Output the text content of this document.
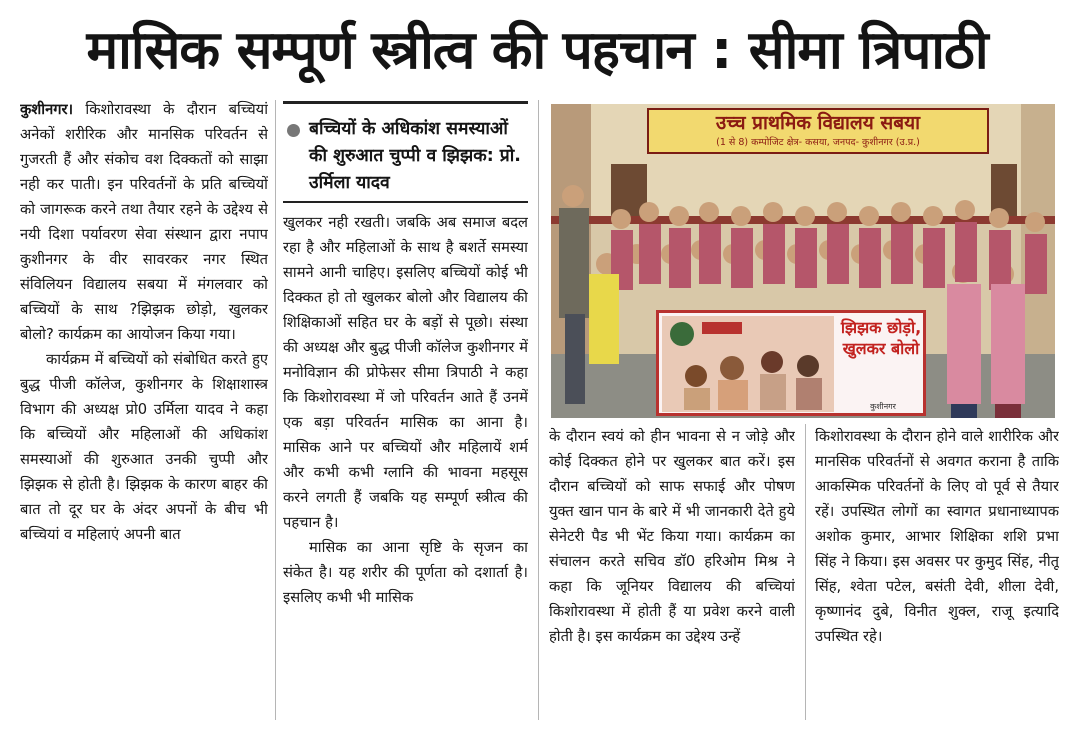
मासिक सम्पूर्ण स्त्रीत्व की पहचान : सीमा त्रिपाठी

कुशीनगर। किशोरावस्था के दौरान बच्चियां अनेकों शरीरिक और मानसिक परिवर्तन से गुजरती हैं और संकोच वश दिक्कतों को साझा नही कर पाती। इन परिवर्तनों के प्रति बच्चियों को जागरूक करने तथा तैयार रहने के उद्देश्य से नयी दिशा पर्यावरण सेवा संस्थान द्वारा नपाप कुशीनगर के वीर सावरकर नगर स्थित संविलियन विद्यालय सबया में मंगलवार को बच्चियों के साथ ?झिझक छोड़ो, खुलकर बोलो? कार्यक्रम का आयोजन किया गया।

कार्यक्रम में बच्चियों को संबोधित करते हुए बुद्ध पीजी कॉलेज, कुशीनगर के शिक्षाशास्त्र विभाग की अध्यक्ष प्रो0 उर्मिला यादव ने कहा कि बच्चियों और महिलाओं की अधिकांश समस्याओं की शुरुआत उनकी चुप्पी और झिझक से होती है। झिझक के कारण बाहर की बात तो दूर घर के अंदर अपनों के बीच भी बच्चियां व महिलाएं अपनी बात

बच्चियों के अधिकांश समस्याओं की शुरुआत चुप्पी व झिझक: प्रो. उर्मिला यादव

खुलकर नही रखती। जबकि अब समाज बदल रहा है और महिलाओं के साथ है बशर्ते समस्या सामने आनी चाहिए। इसलिए बच्चियों कोई भी दिक्कत हो तो खुलकर बोलो और विद्यालय की शिक्षिकाओं सहित घर के बड़ों से पूछो। संस्था की अध्यक्ष और बुद्ध पीजी कॉलेज कुशीनगर में मनोविज्ञान की प्रोफेसर सीमा त्रिपाठी ने कहा कि किशोरावस्था में जो परिवर्तन आते हैं उनमें एक बड़ा परिवर्तन मासिक का आना है। मासिक आने पर बच्चियों और महिलायें शर्म और कभी कभी ग्लानि की भावना महसूस करने लगती हैं जबकि यह सम्पूर्ण स्त्रीत्व की पहचान है।

मासिक का आना सृष्टि के सृजन का संकेत है। यह शरीर की पूर्णता को दशार्ता है। इसलिए कभी भी मासिक

उच्च प्राथमिक विद्यालय सबया
(1 से 8) कम्पोजिट क्षेत्र- कसया, जनपद- कुशीनगर (उ.प्र.)
झिझक छोड़ो, खुलकर बोलो
कुशीनगर

के दौरान स्वयं को हीन भावना से न जोड़े और कोई दिक्कत होने पर खुलकर बात करें। इस दौरान बच्चियों को साफ सफाई और पोषण युक्त खान पान के बारे में भी जानकारी देते हुये सेनेटरी पैड भी भेंट किया गया। कार्यक्रम का संचालन करते सचिव डॉ0 हरिओम मिश्र ने कहा कि जूनियर विद्यालय की बच्चियां किशोरावस्था में होती हैं या प्रवेश करने वाली होती है। इस कार्यक्रम का उद्देश्य उन्हें

किशोरावस्था के दौरान होने वाले शारीरिक और मानसिक परिवर्तनों से अवगत कराना है ताकि आकस्मिक परिवर्तनों के लिए वो पूर्व से तैयार रहें। उपस्थित लोगों का स्वागत प्रधानाध्यापक अशोक कुमार, आभार शिक्षिका शशि प्रभा सिंह ने किया। इस अवसर पर कुमुद सिंह, नीतू सिंह, श्वेता पटेल, बसंती देवी, शीला देवी, कृष्णानंद दुबे, विनीत शुक्ल, राजू इत्यादि उपस्थित रहे।
